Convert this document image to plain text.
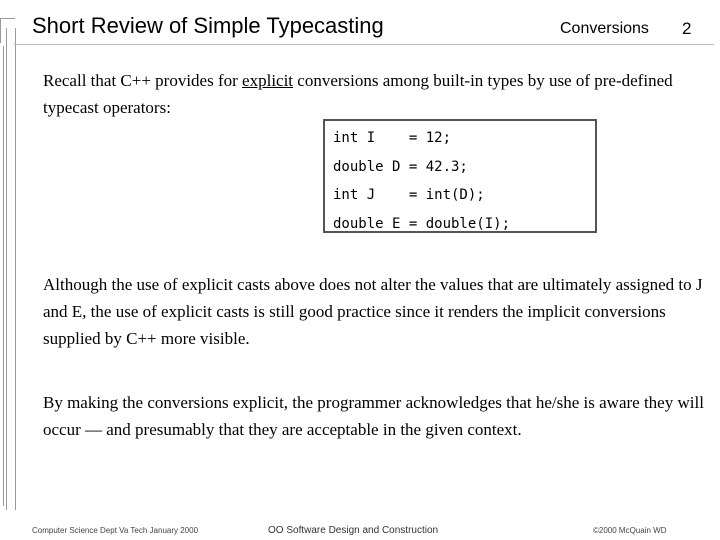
Short Review of Simple Typecasting	Conversions 2
Recall that C++ provides for explicit conversions among built-in types by use of pre-defined typecast operators:
int I    = 12;
double D = 42.3;
int J    = int(D);
double E = double(I);
Although the use of explicit casts above does not alter the values that are ultimately assigned to J and E, the use of explicit casts is still good practice since it renders the implicit conversions supplied by C++ more visible.
By making the conversions explicit, the programmer acknowledges that he/she is aware they will occur — and presumably that they are acceptable in the given context.
Computer Science Dept Va Tech January 2000	OO Software Design and Construction	©2000 McQuain WD
